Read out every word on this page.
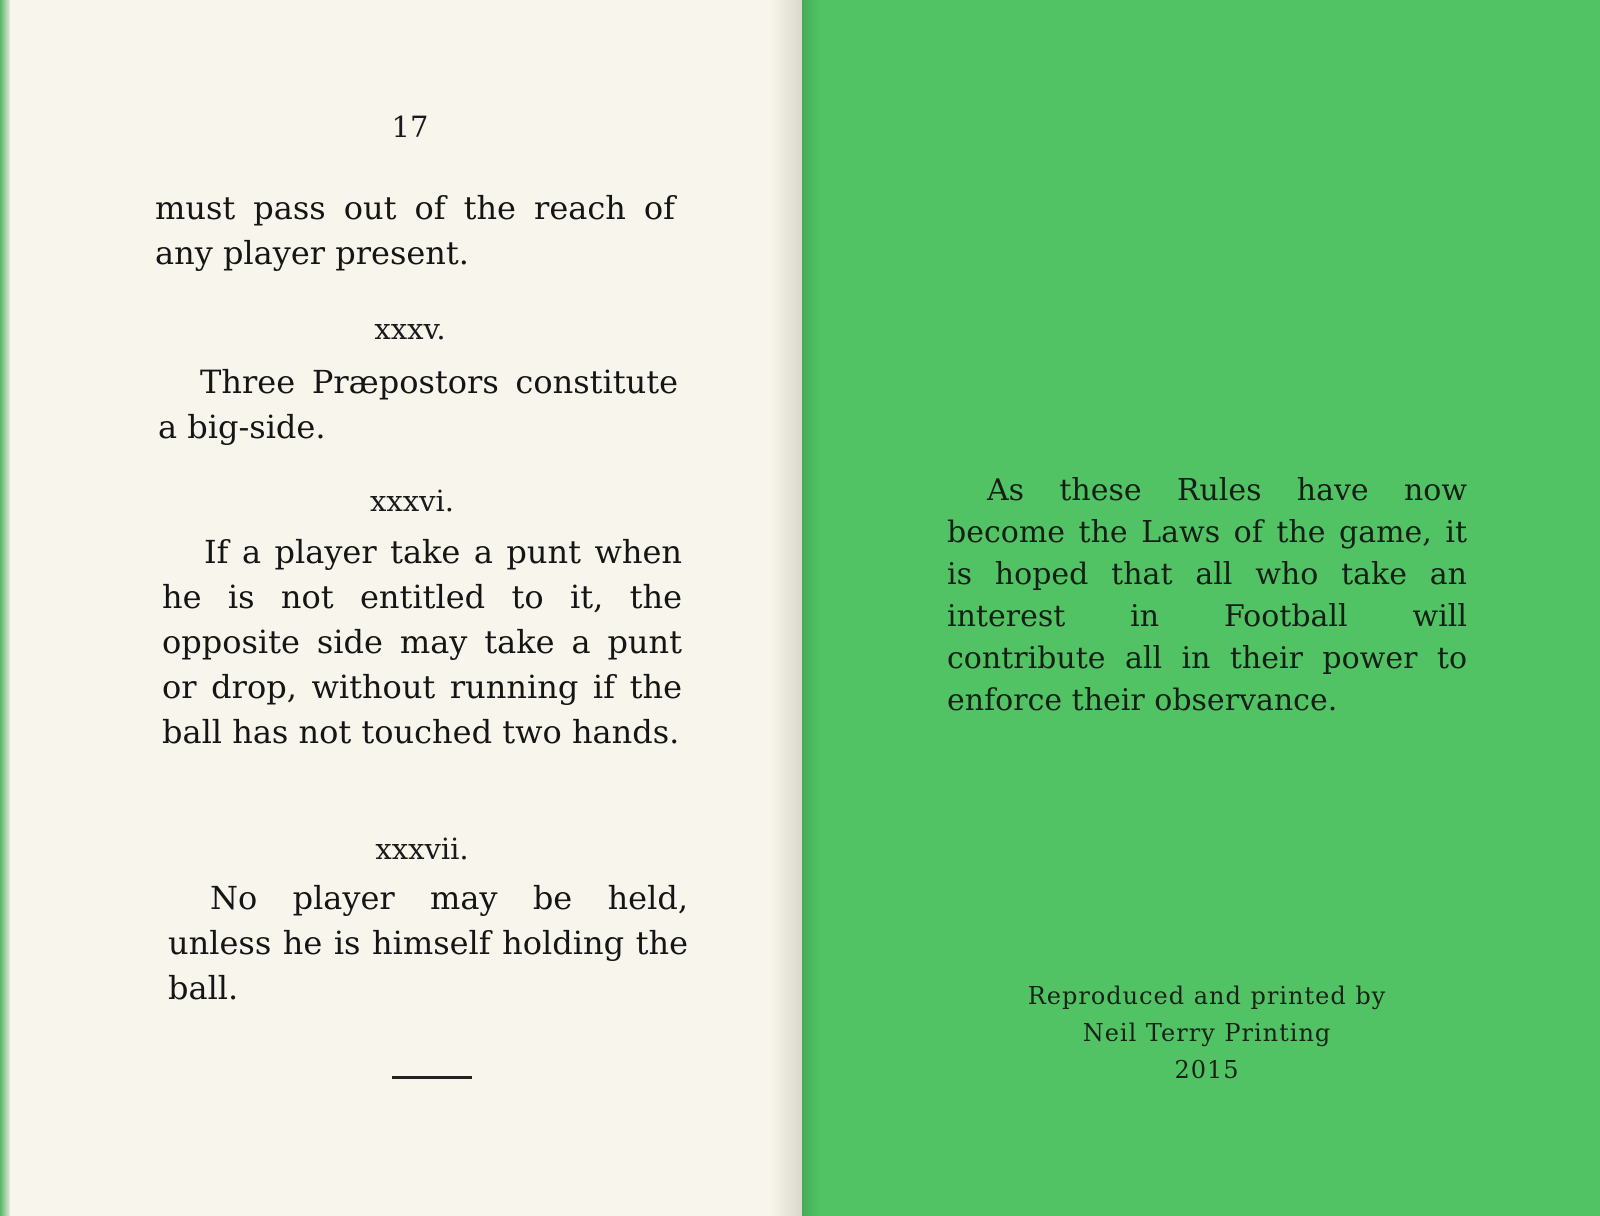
17

must pass out of the reach of any player present.

xxxv.

Three Præpostors constitute a big-side.

xxxvi.

If a player take a punt when he is not entitled to it, the opposite side may take a punt or drop, without running if the ball has not touched two hands.

xxxvii.

No player may be held, unless he is himself holding the ball.

As these Rules have now become the Laws of the game, it is hoped that all who take an interest in Football will contribute all in their power to enforce their observance.

Reproduced and printed by
Neil Terry Printing
2015
